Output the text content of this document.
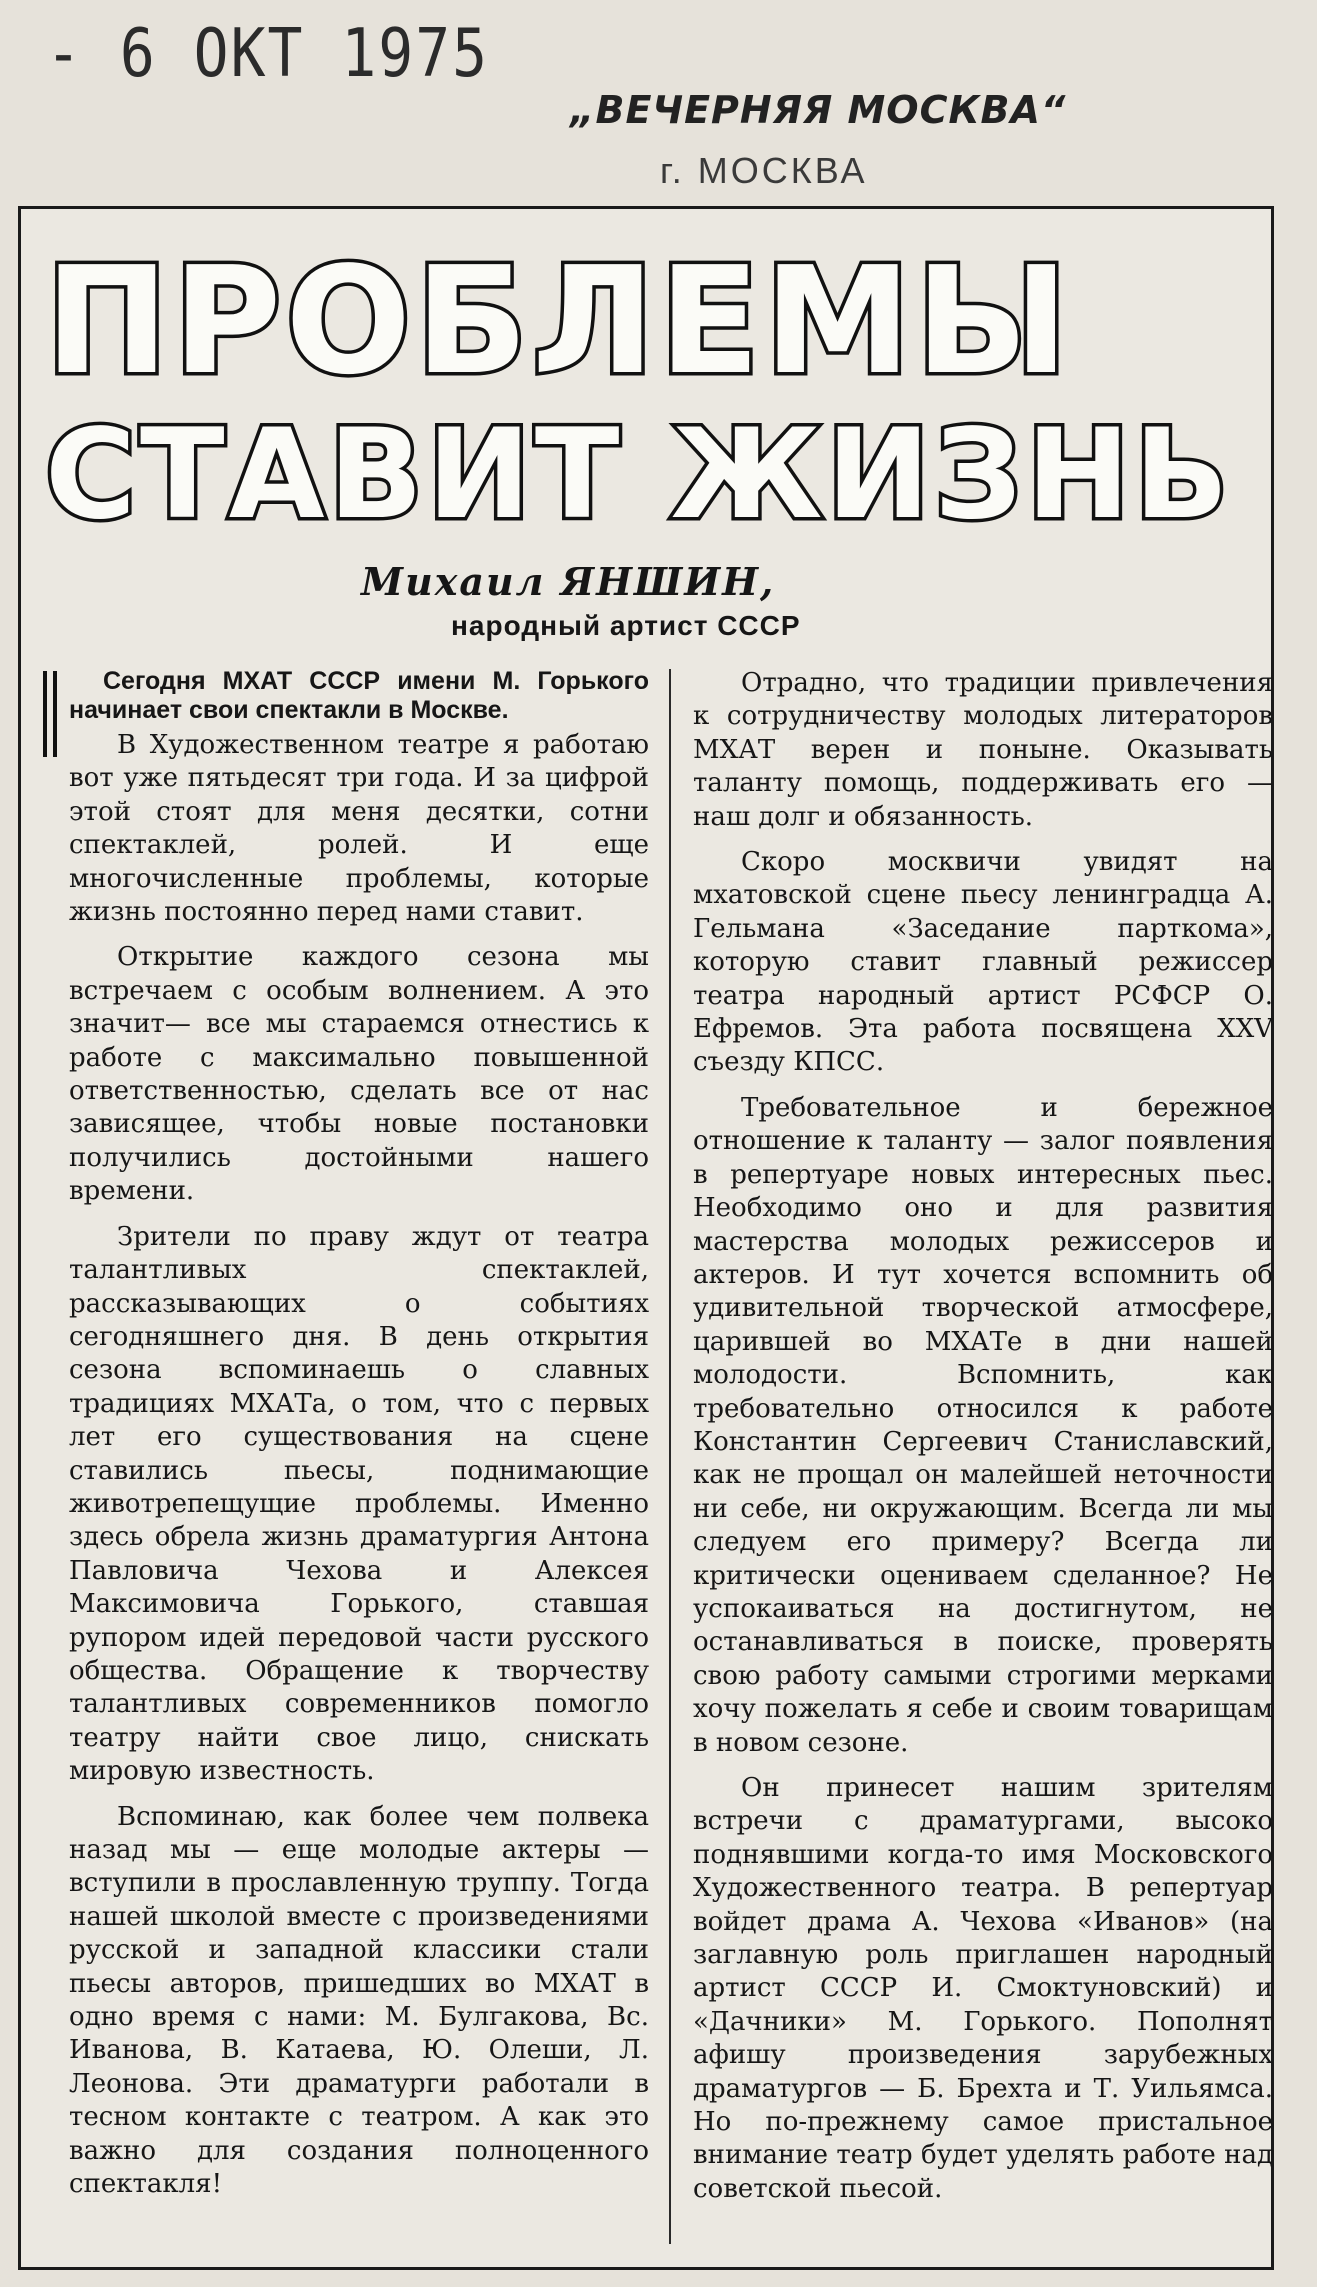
- 6 ОКТ 1975
„ВЕЧЕРНЯЯ МОСКВА“
г. МОСКВА
ПРОБЛЕМЫ
СТАВИТ ЖИЗНЬ
Михаил ЯНШИН,
народный артист СССР

Сегодня МХАТ СССР имени М. Горького начинает свои спектакли в Москве.

В Художественном театре я работаю вот уже пятьдесят три года. И за цифрой этой стоят для меня десятки, сотни спектаклей, ролей. И еще многочисленные проблемы, которые жизнь постоянно перед нами ставит.

Открытие каждого сезона мы встречаем с особым волнением. А это значит— все мы стараемся отнестись к работе с максимально повышенной ответственностью, сделать все от нас зависящее, чтобы новые постановки получились достойными нашего времени.

Зрители по праву ждут от театра талантливых спектаклей, рассказывающих о событиях сегодняшнего дня. В день открытия сезона вспоминаешь о славных традициях МХАТа, о том, что с первых лет его существования на сцене ставились пьесы, поднимающие животрепещущие проблемы. Именно здесь обрела жизнь драматургия Антона Павловича Чехова и Алексея Максимовича Горького, ставшая рупором идей передовой части русского общества. Обращение к творчеству талантливых современников помогло театру найти свое лицо, снискать мировую известность.

Вспоминаю, как более чем полвека назад мы — еще молодые актеры — вступили в прославленную труппу. Тогда нашей школой вместе с произведениями русской и западной классики стали пьесы авторов, пришедших во МХАТ в одно время с нами: М. Булгакова, Вс. Иванова, В. Катаева, Ю. Олеши, Л. Леонова. Эти драматурги работали в тесном контакте с театром. А как это важно для создания полноценного спектакля!

Отрадно, что традиции привлечения к сотрудничеству молодых литераторов МХАТ верен и поныне. Оказывать таланту помощь, поддерживать его — наш долг и обязанность.

Скоро москвичи увидят на мхатовской сцене пьесу ленинградца А. Гельмана «Заседание парткома», которую ставит главный режиссер театра народный артист РСФСР О. Ефремов. Эта работа посвящена XXV съезду КПСС.

Требовательное и бережное отношение к таланту — залог появления в репертуаре новых интересных пьес. Необходимо оно и для развития мастерства молодых режиссеров и актеров. И тут хочется вспомнить об удивительной творческой атмосфере, царившей во МХАТе в дни нашей молодости. Вспомнить, как требовательно относился к работе Константин Сергеевич Станиславский, как не прощал он малейшей неточности ни себе, ни окружающим. Всегда ли мы следуем его примеру? Всегда ли критически оцениваем сделанное? Не успокаиваться на достигнутом, не останавливаться в поиске, проверять свою работу самыми строгими мерками хочу пожелать я себе и своим товарищам в новом сезоне.

Он принесет нашим зрителям встречи с драматургами, высоко поднявшими когда-то имя Московского Художественного театра. В репертуар войдет драма А. Чехова «Иванов» (на заглавную роль приглашен народный артист СССР И. Смоктуновский) и «Дачники» М. Горького. Пополнят афишу произведения зарубежных драматургов — Б. Брехта и Т. Уильямса. Но по-прежнему самое пристальное внимание театр будет уделять работе над советской пьесой.
